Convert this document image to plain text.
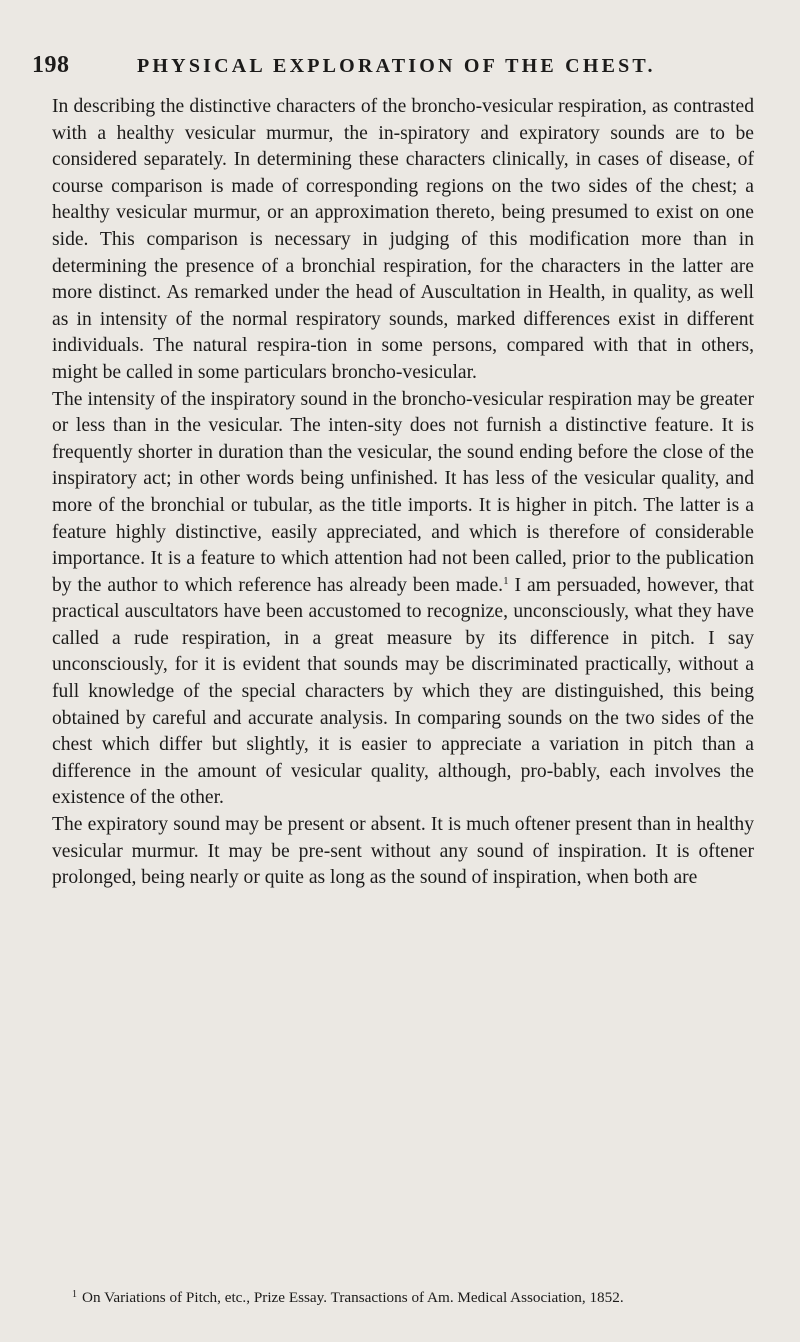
198	PHYSICAL EXPLORATION OF THE CHEST.

In describing the distinctive characters of the broncho-vesicular respiration, as contrasted with a healthy vesicular murmur, the in-spiratory and expiratory sounds are to be considered separately. In determining these characters clinically, in cases of disease, of course comparison is made of corresponding regions on the two sides of the chest; a healthy vesicular murmur, or an approximation thereto, being presumed to exist on one side. This comparison is necessary in judging of this modification more than in determining the presence of a bronchial respiration, for the characters in the latter are more distinct. As remarked under the head of Auscultation in Health, in quality, as well as in intensity of the normal respiratory sounds, marked differences exist in different individuals. The natural respira-tion in some persons, compared with that in others, might be called in some particulars broncho-vesicular.

The intensity of the inspiratory sound in the broncho-vesicular respiration may be greater or less than in the vesicular. The inten-sity does not furnish a distinctive feature. It is frequently shorter in duration than the vesicular, the sound ending before the close of the inspiratory act; in other words being unfinished. It has less of the vesicular quality, and more of the bronchial or tubular, as the title imports. It is higher in pitch. The latter is a feature highly distinctive, easily appreciated, and which is therefore of considerable importance. It is a feature to which attention had not been called, prior to the publication by the author to which reference has already been made.$^1$ I am persuaded, however, that practical auscultators have been accustomed to recognize, unconsciously, what they have called a rude respiration, in a great measure by its difference in pitch. I say unconsciously, for it is evident that sounds may be discriminated practically, without a full knowledge of the special characters by which they are distinguished, this being obtained by careful and accurate analysis. In comparing sounds on the two sides of the chest which differ but slightly, it is easier to appreciate a variation in pitch than a difference in the amount of vesicular quality, although, pro-bably, each involves the existence of the other.

The expiratory sound may be present or absent. It is much oftener present than in healthy vesicular murmur. It may be pre-sent without any sound of inspiration. It is oftener prolonged, being nearly or quite as long as the sound of inspiration, when both are

$^1$ On Variations of Pitch, etc., Prize Essay. Transactions of Am. Medical Association, 1852.
